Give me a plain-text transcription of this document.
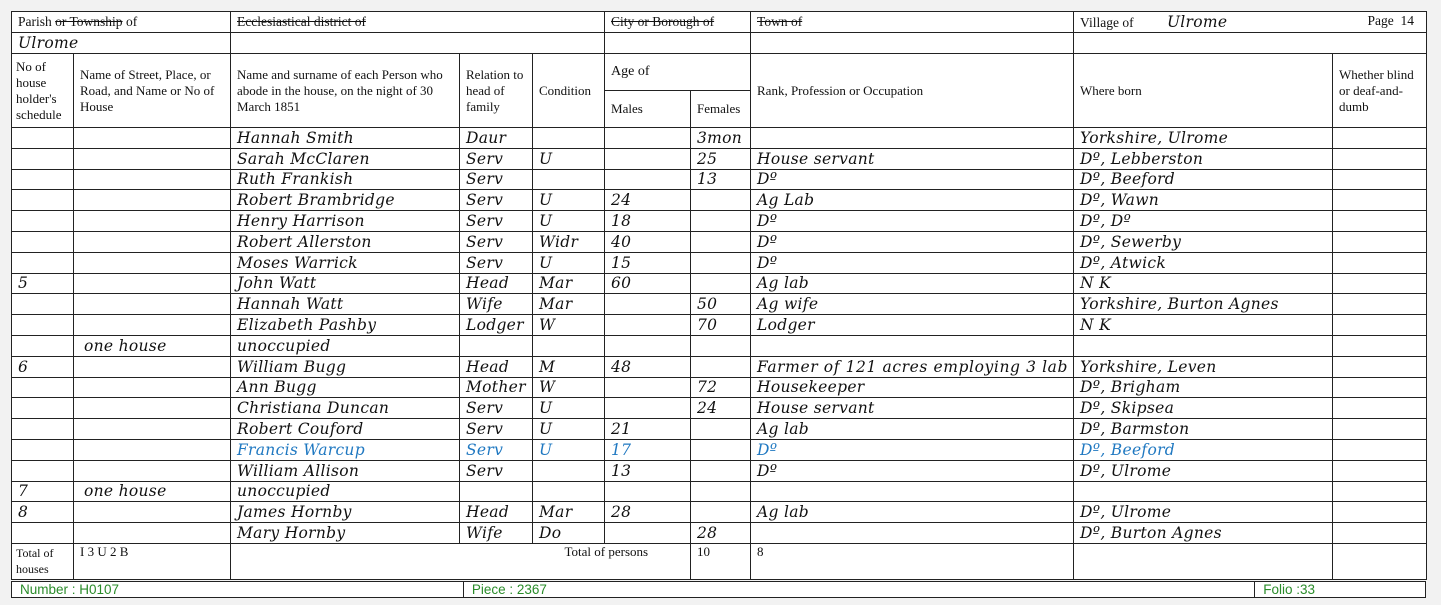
Parish or Township of		Ecclesiastical district of			City or Borough of		Town of	Village of Ulrome Page 14		

Ulrome										
No of house holder's schedule	Name of Street, Place, or Road, and Name or No of House	Name and surname of each Person who abode in the house, on the night of 30 March 1851	Relation to head of family	Condition	Age of		Rank, Profession or Occupation	Where born	Whether blind or deaf-and-dumb	
					Males	Females				
		Hannah Smith	Daur			3mon		Yorkshire, Ulrome		
		Sarah McClaren	Serv	U		25	House servant	Dº, Lebberston		
		Ruth Frankish	Serv			13	Dº	Dº, Beeford		
		Robert Brambridge	Serv	U	24		Ag Lab	Dº, Wawn		
		Henry Harrison	Serv	U	18		Dº	Dº, Dº		
		Robert Allerston	Serv	Widr	40		Dº	Dº, Sewerby		
		Moses Warrick	Serv	U	15		Dº	Dº, Atwick		
5		John Watt	Head	Mar	60		Ag lab	N K		
		Hannah Watt	Wife	Mar		50	Ag wife	Yorkshire, Burton Agnes		
		Elizabeth Pashby	Lodger	W		70	Lodger	N K		
	one house	unoccupied								
6		William Bugg	Head	M	48		Farmer of 121 acres employing 3 lab	Yorkshire, Leven		
		Ann Bugg	Mother	W		72	Housekeeper	Dº, Brigham		
		Christiana Duncan	Serv	U		24	House servant	Dº, Skipsea		
		Robert Couford	Serv	U	21		Ag lab	Dº, Barmston		
		Francis Warcup	Serv	U	17		Dº	Dº, Beeford		
		William Allison	Serv		13		Dº	Dº, Ulrome		
7	one house	unoccupied								
8		James Hornby	Head	Mar	28		Ag lab	Dº, Ulrome		
		Mary Hornby	Wife	Do		28		Dº, Burton Agnes		
Total of houses	I 3 U 2 B		Total of persons			10	8			
Number : H0107	Piece : 2367	Folio :33
